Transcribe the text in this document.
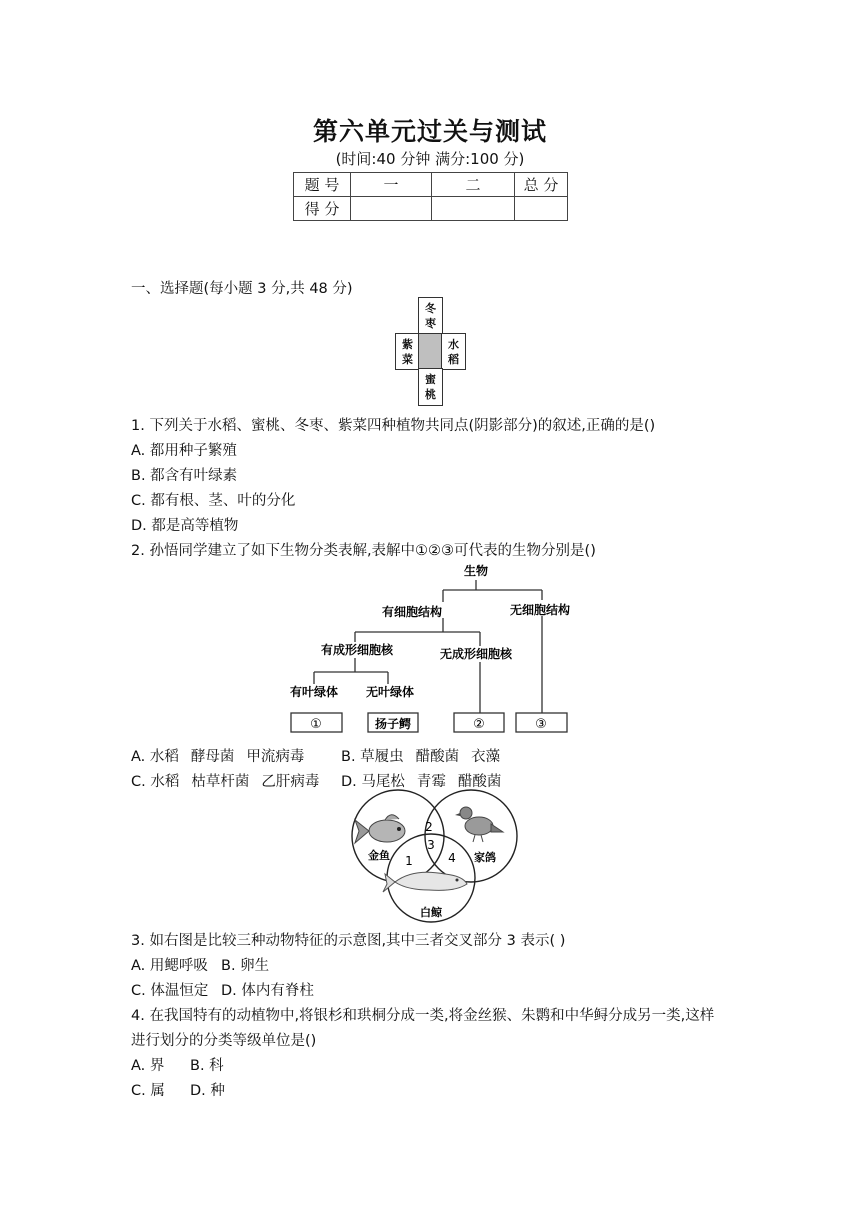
第六单元过关与测试
(时间:40 分钟 满分:100 分)
题 号	一	二	总 分
得 分			
一、选择题(每小题 3 分,共 48 分)
冬枣
紫菜
水稻
蜜桃
1. 下列关于水稻、蜜桃、冬枣、紫菜四种植物共同点(阴影部分)的叙述,正确的是()
A. 都用种子繁殖
B. 都含有叶绿素
C. 都有根、茎、叶的分化
D. 都是高等植物
2. 孙悟同学建立了如下生物分类表解,表解中①②③可代表的生物分别是()
生物
有细胞结构	无细胞结构
有成形细胞核	无成形细胞核
有叶绿体 无叶绿体
①	扬子鳄	②	③
A. 水稻 酵母菌 甲流病毒	B. 草履虫 醋酸菌 衣藻
C. 水稻 枯草杆菌 乙肝病毒 D. 马尾松 青霉 醋酸菌
2
3
1	4
金鱼	家鸽
白鲸
3. 如右图是比较三种动物特征的示意图,其中三者交叉部分 3 表示( )
A. 用鳃呼吸 B. 卵生
C. 体温恒定 D. 体内有脊柱
4. 在我国特有的动植物中,将银杉和珙桐分成一类,将金丝猴、朱鹮和中华鲟分成另一类,这样
进行划分的分类等级单位是()
A. 界 B. 科
C. 属 D. 种
